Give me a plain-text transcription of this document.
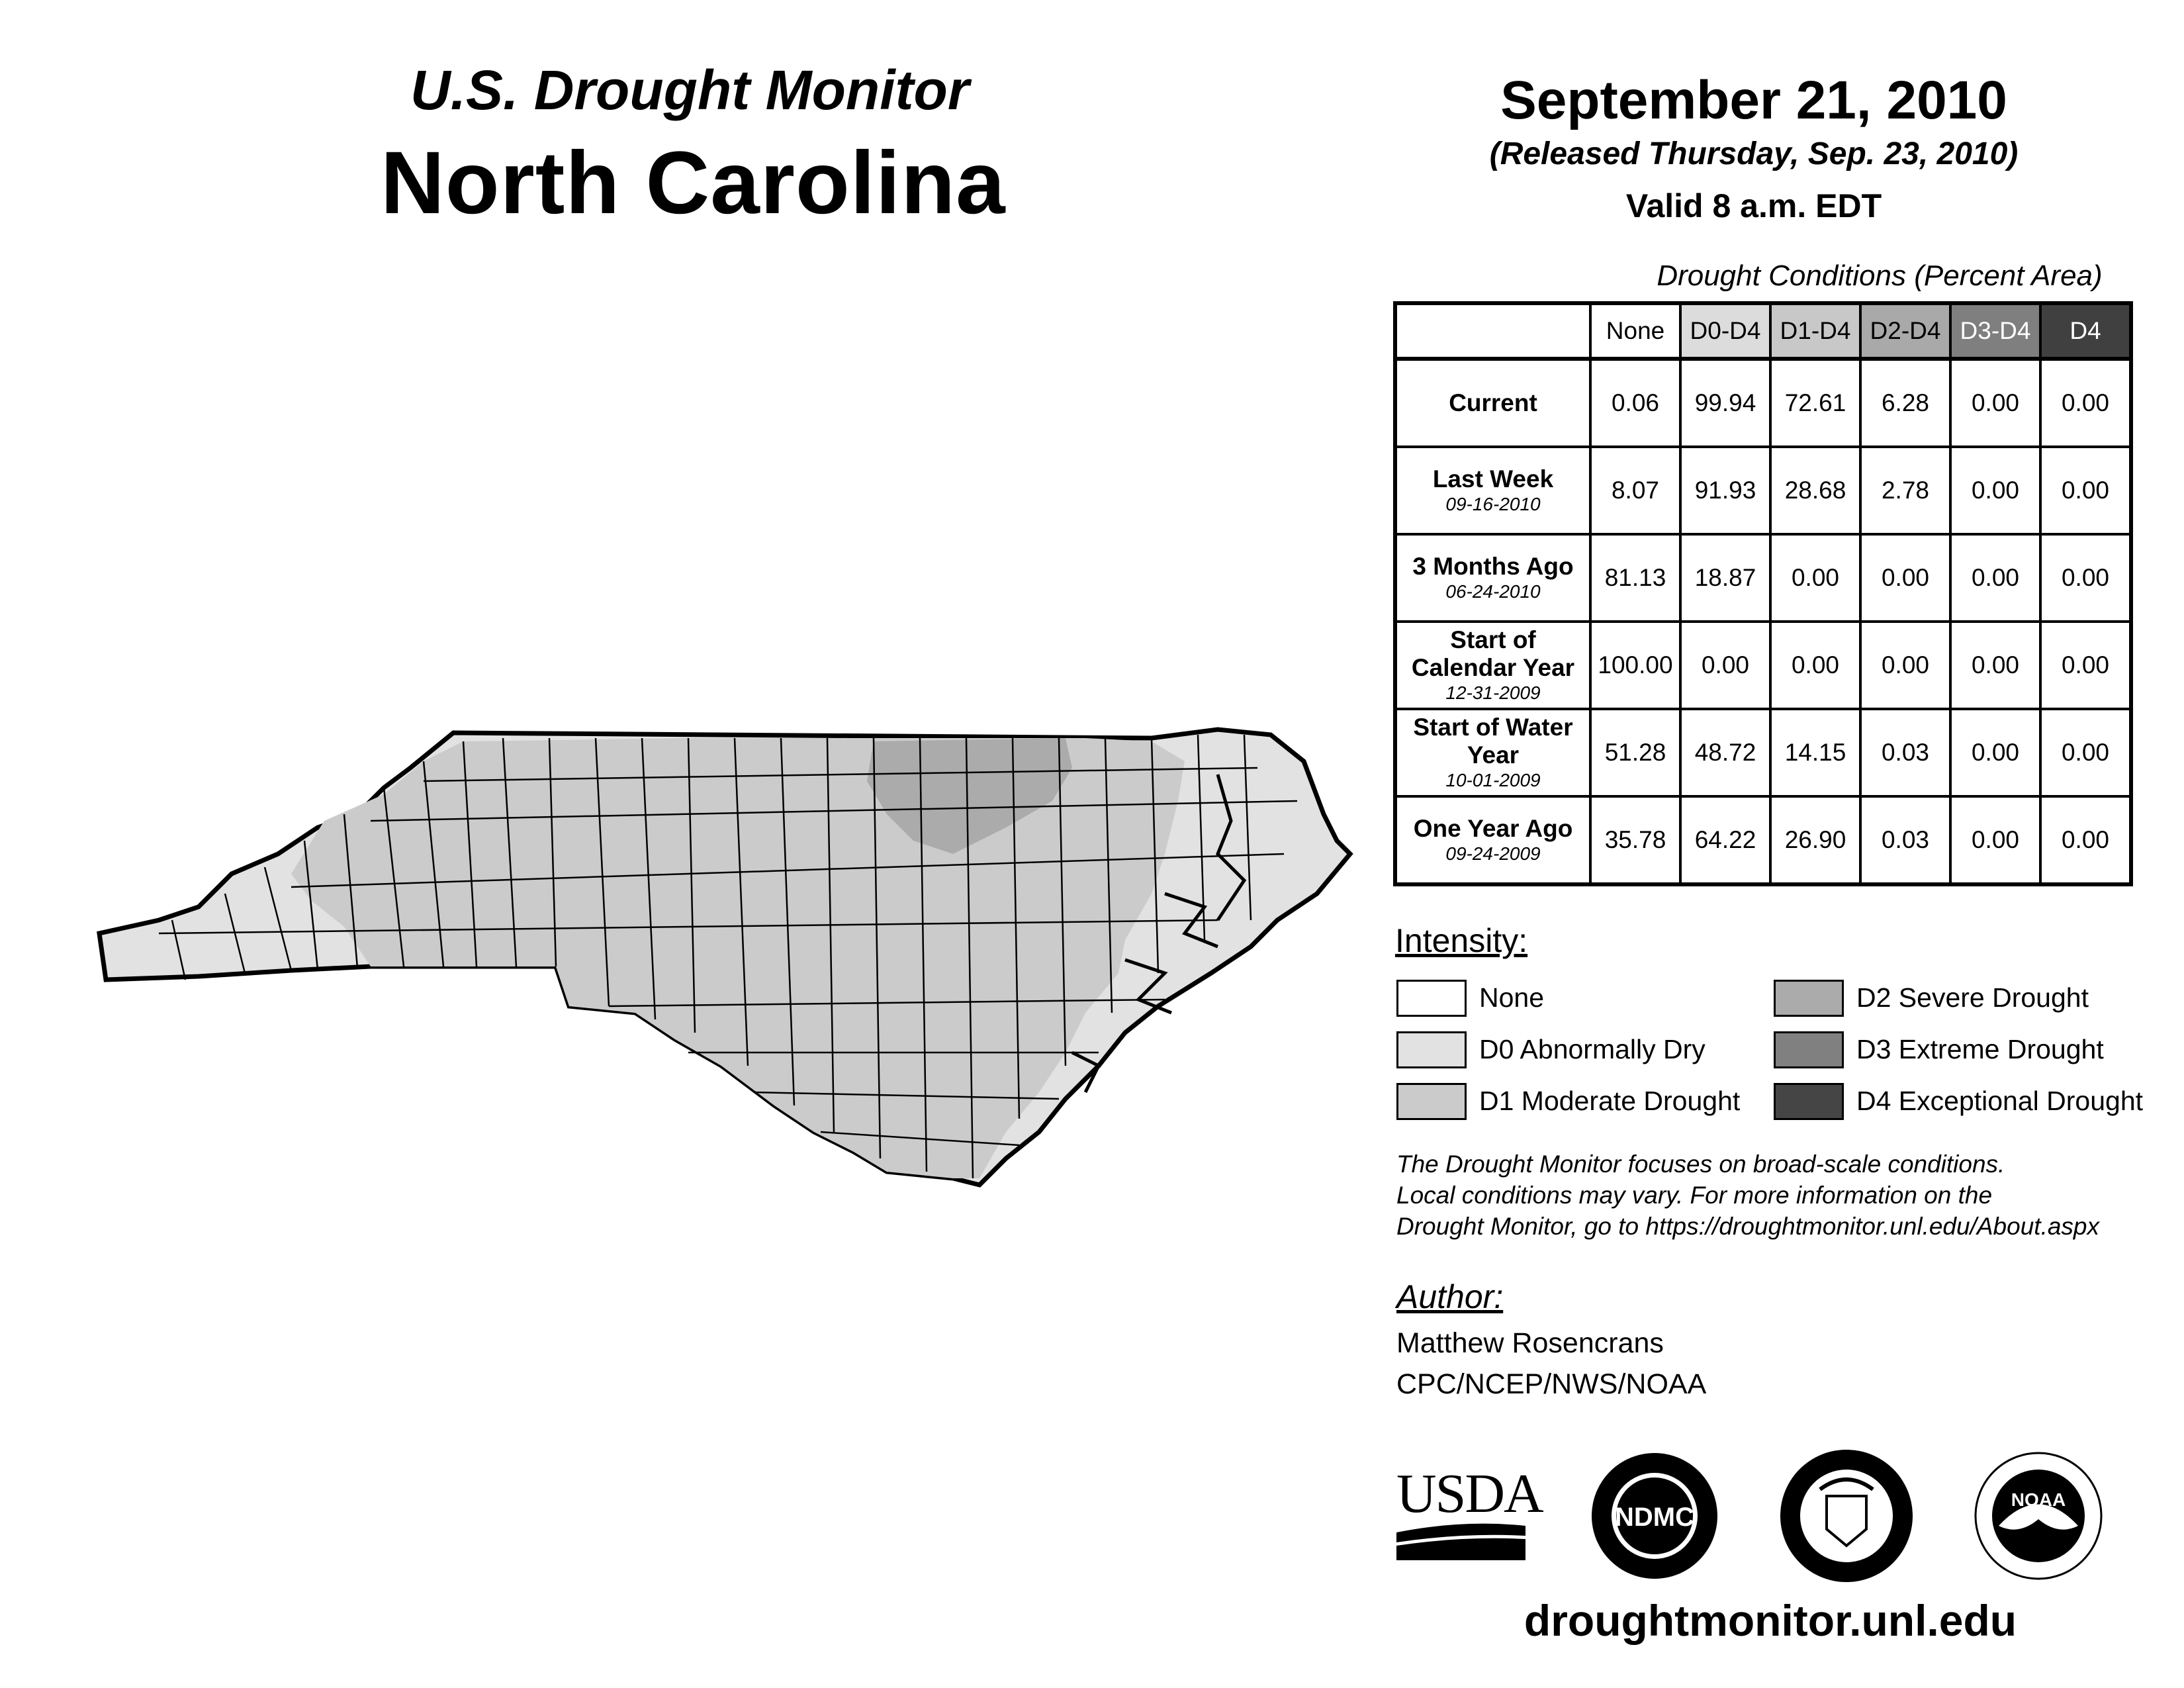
U.S. Drought Monitor
North Carolina
September 21, 2010
(Released Thursday, Sep. 23, 2010)
Valid 8 a.m. EDT
Drought Conditions (Percent Area)
	None	D0-D4	D1-D4	D2-D4	D3-D4	D4

Current	0.06	99.94	72.61	6.28	0.00	0.00

Last Week
09-16-2010	8.07	91.93	28.68	2.78	0.00	0.00

3 Months Ago
06-24-2010	81.13	18.87	0.00	0.00	0.00	0.00

Start of Calendar Year
12-31-2009	100.00	0.00	0.00	0.00	0.00	0.00

Start of Water Year
10-01-2009	51.28	48.72	14.15	0.03	0.00	0.00

One Year Ago
09-24-2009	35.78	64.22	26.90	0.03	0.00	0.00
Intensity:
None
D0 Abnormally Dry
D1 Moderate Drought
D2 Severe Drought
D3 Extreme Drought
D4 Exceptional Drought
The Drought Monitor focuses on broad-scale conditions.
Local conditions may vary. For more information on the
Drought Monitor, go to https://droughtmonitor.unl.edu/About.aspx
Author:
Matthew Rosencrans
CPC/NCEP/NWS/NOAA
USDA	NDMC
NOAA
droughtmonitor.unl.edu
